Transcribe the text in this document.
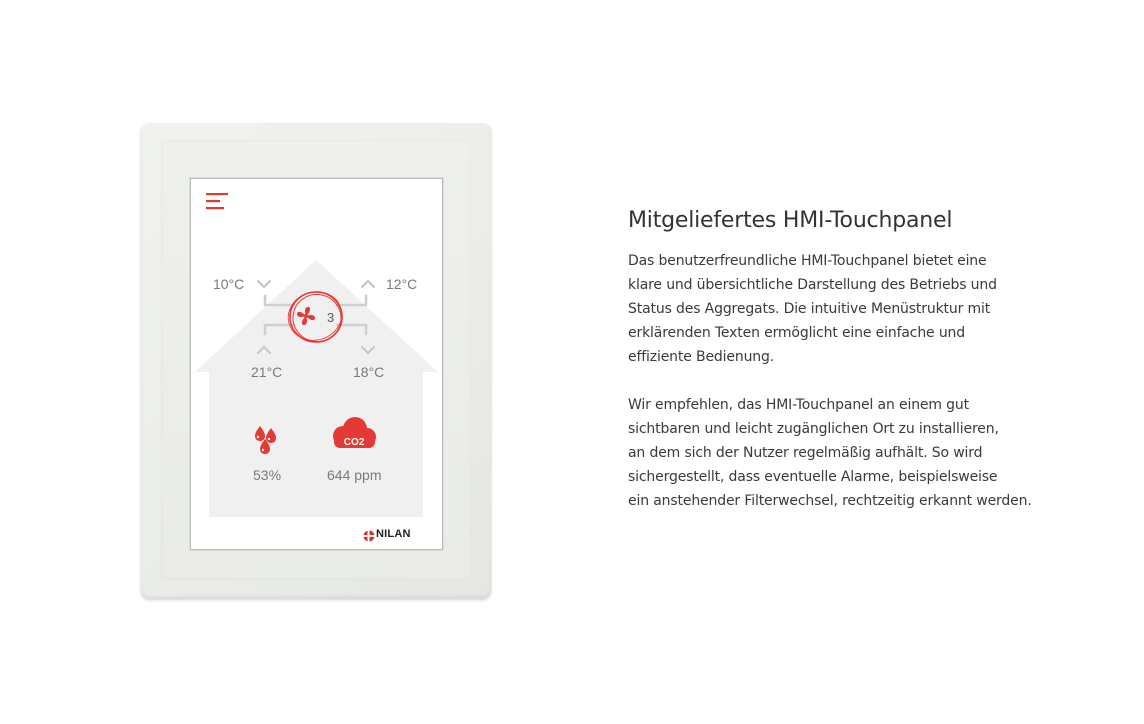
CO2
3
10°C	12°C
21°C	18°C
53%	644 ppm
NILAN
Mitgeliefertes HMI-Touchpanel

Das benutzerfreundliche HMI-Touchpanel bietet eine
klare und übersichtliche Darstellung des Betriebs und
Status des Aggregats. Die intuitive Menüstruktur mit
erklärenden Texten ermöglicht eine einfache und
effiziente Bedienung.

Wir empfehlen, das HMI-Touchpanel an einem gut
sichtbaren und leicht zugänglichen Ort zu installieren,
an dem sich der Nutzer regelmäßig aufhält. So wird
sichergestellt, dass eventuelle Alarme, beispielsweise
ein anstehender Filterwechsel, rechtzeitig erkannt werden.
